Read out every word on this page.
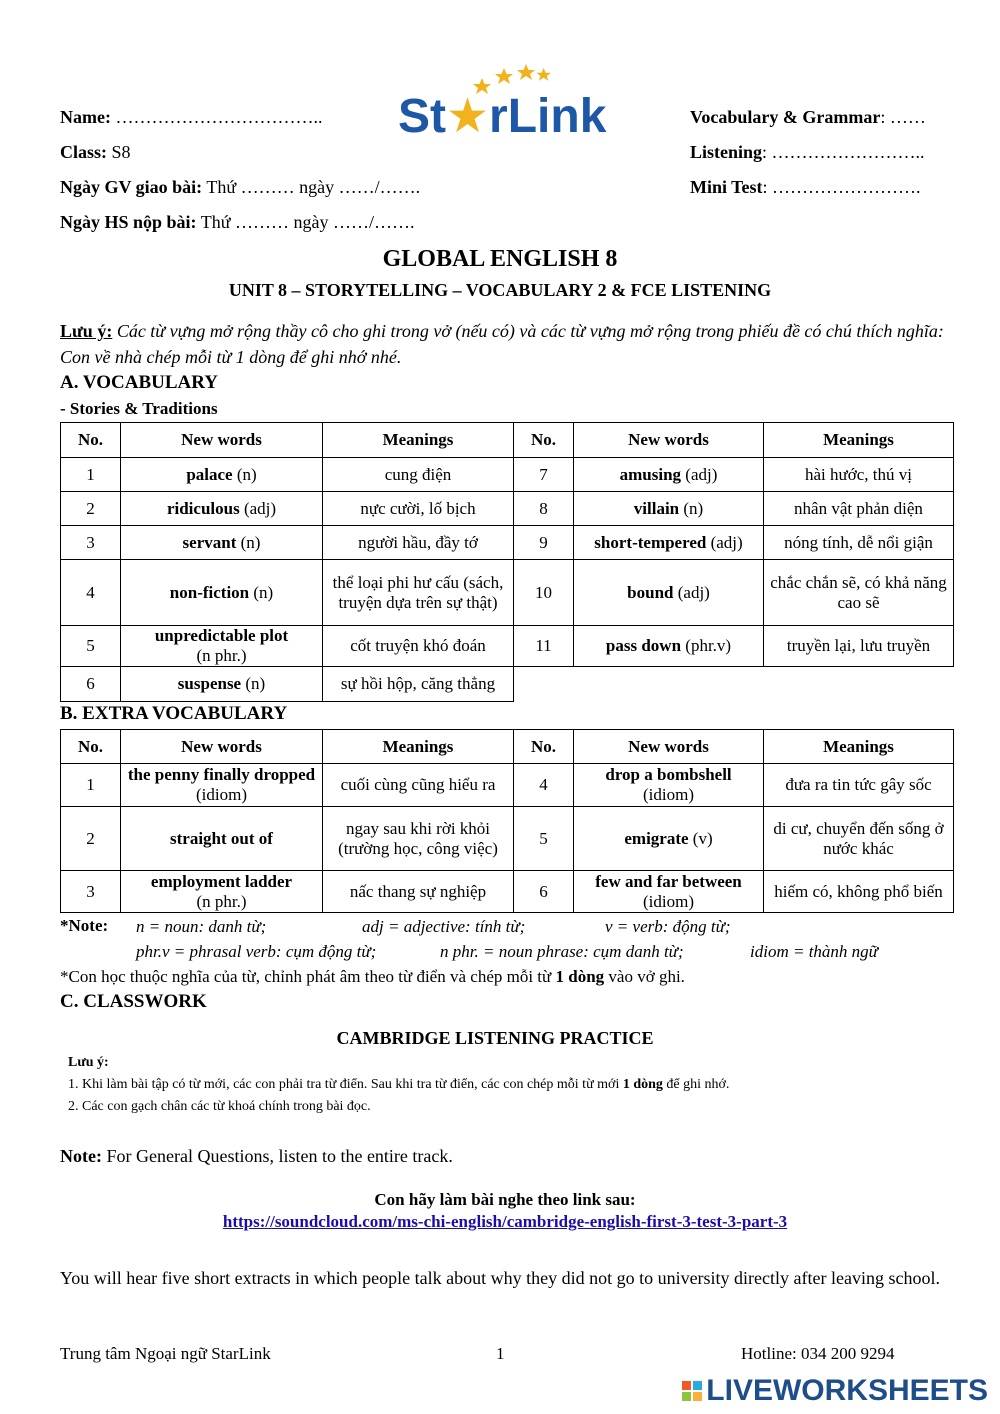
Name: ……………………………..
Class: S8
Ngày GV giao bài: Thứ ……… ngày ……/…….
Ngày HS nộp bài: Thứ ……… ngày ……/…….
St★rLink	Vocabulary & Grammar: ……
Listening: ……………………..
Mini Test: …………………….
GLOBAL ENGLISH 8
UNIT 8 – STORYTELLING – VOCABULARY 2 & FCE LISTENING
Lưu ý: Các từ vựng mở rộng thầy cô cho ghi trong vở (nếu có) và các từ vựng mở rộng trong phiếu đề có chú thích nghĩa: Con về nhà chép mỗi từ 1 dòng để ghi nhớ nhé.
A. VOCABULARY
- Stories & Traditions
No.	New words	Meanings	No.	New words	Meanings
1	palace (n)	cung điện	7	amusing (adj)	hài hước, thú vị
2	ridiculous (adj)	nực cười, lố bịch	8	villain (n)	nhân vật phản diện
3	servant (n)	người hầu, đầy tớ	9	short-tempered (adj)	nóng tính, dễ nổi giận
4	non-fiction (n)	thể loại phi hư cấu (sách, truyện dựa trên sự thật)	10	bound (adj)	chắc chắn sẽ, có khả năng cao sẽ
5	unpredictable plot
(n phr.)	cốt truyện khó đoán	11	pass down (phr.v)	truyền lại, lưu truyền
6	suspense (n)	sự hồi hộp, căng thẳng			
B. EXTRA VOCABULARY
No.	New words	Meanings	No.	New words	Meanings
1	the penny finally dropped (idiom)	cuối cùng cũng hiểu ra	4	drop a bombshell
(idiom)	đưa ra tin tức gây sốc
2	straight out of	ngay sau khi rời khỏi (trường học, công việc)	5	emigrate (v)	di cư, chuyển đến sống ở nước khác
3	employment ladder
(n phr.)	nấc thang sự nghiệp	6	few and far between
(idiom)	hiếm có, không phổ biến
*Note: n = noun: danh từ;	adj = adjective: tính từ;	v = verb: động từ;
phr.v = phrasal verb: cụm động từ;	n phr. = noun phrase: cụm danh từ;	idiom = thành ngữ
*Con học thuộc nghĩa của từ, chỉnh phát âm theo từ điển và chép mỗi từ 1 dòng vào vở ghi.
C. CLASSWORK
CAMBRIDGE LISTENING PRACTICE
Lưu ý:
1. Khi làm bài tập có từ mới, các con phải tra từ điển. Sau khi tra từ điển, các con chép mỗi từ mới 1 dòng để ghi nhớ.
2. Các con gạch chân các từ khoá chính trong bài đọc.
Note: For General Questions, listen to the entire track.
Con hãy làm bài nghe theo link sau:
https://soundcloud.com/ms-chi-english/cambridge-english-first-3-test-3-part-3
You will hear five short extracts in which people talk about why they did not go to university directly after leaving school.
Trung tâm Ngoại ngữ StarLink	1	Hotline: 034 200 9294
LIVEWORKSHEETS
